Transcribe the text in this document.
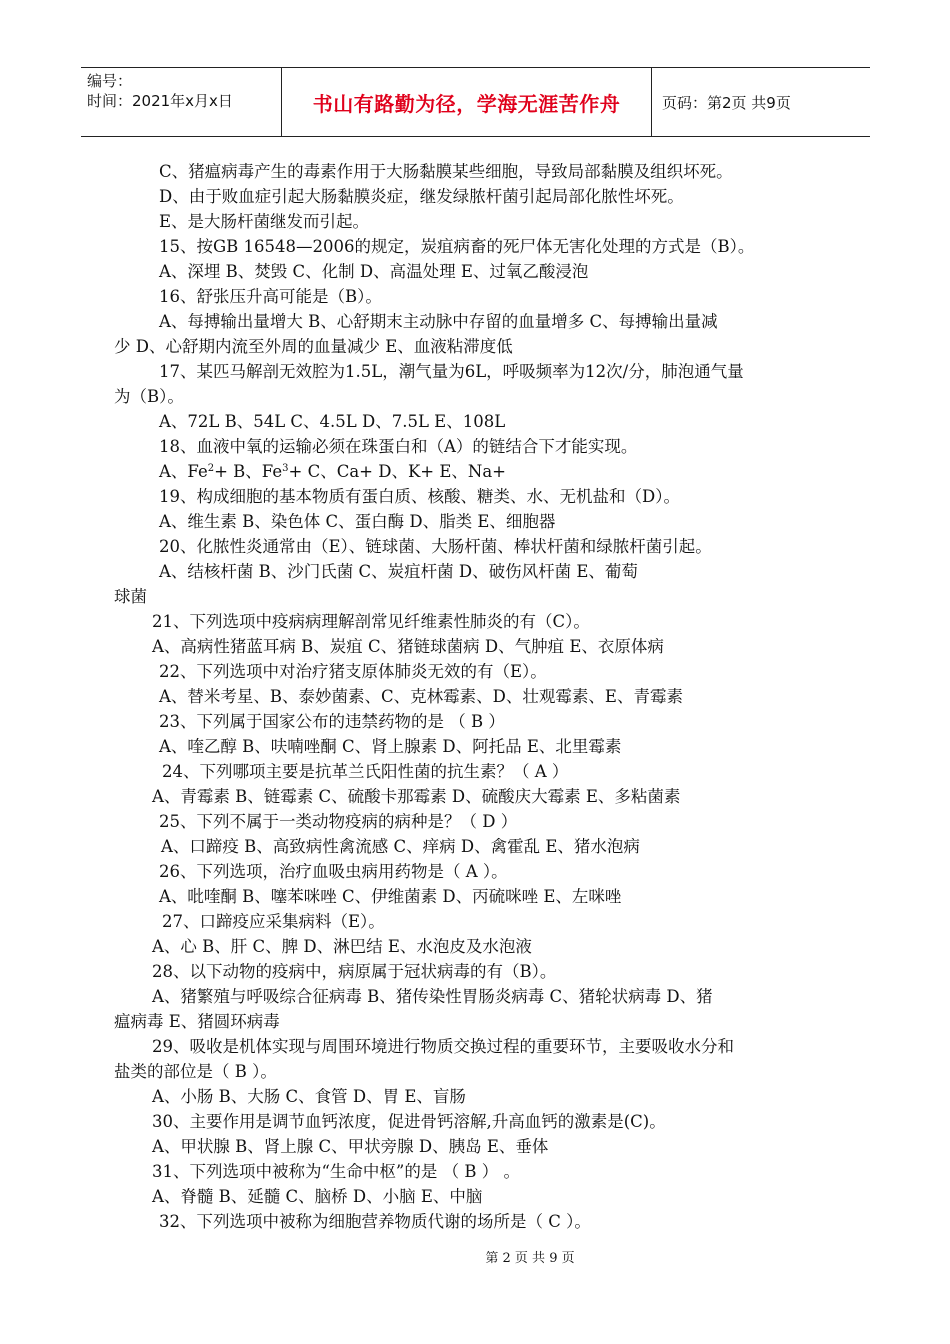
编号：
时间：2021年x月x日	书山有路勤为径，学海无涯苦作舟	页码：第2页 共9页
C、猪瘟病毒产生的毒素作用于大肠黏膜某些细胞，导致局部黏膜及组织坏死。
D、由于败血症引起大肠黏膜炎症，继发绿脓杆菌引起局部化脓性坏死。
E、是大肠杆菌继发而引起。
15、按GB 16548—2006的规定，炭疽病畜的死尸体无害化处理的方式是（B）。
A、深埋 B、焚毁 C、化制 D、高温处理 E、过氧乙酸浸泡
16、舒张压升高可能是（B）。
A、每搏输出量增大 B、心舒期末主动脉中存留的血量增多 C、每搏输出量减
少 D、心舒期内流至外周的血量减少 E、血液粘滞度低
17、某匹马解剖无效腔为1.5L，潮气量为6L，呼吸频率为12次/分，肺泡通气量
为（B）。
A、72L B、54L C、4.5L D、7.5L E、108L
18、血液中氧的运输必须在珠蛋白和（A）的链结合下才能实现。
A、$Fe^2+ B$、$Fe^3+ C$、Ca+ D、K+ E、Na+
19、构成细胞的基本物质有蛋白质、核酸、糖类、水、无机盐和（D）。
A、维生素 B、染色体 C、蛋白酶 D、脂类 E、细胞器
20、化脓性炎通常由（E）、链球菌、大肠杆菌、棒状杆菌和绿脓杆菌引起。
A、结核杆菌 B、沙门氏菌 C、炭疽杆菌 D、破伤风杆菌 E、葡萄
球菌
21、下列选项中疫病病理解剖常见纤维素性肺炎的有（C）。
A、高病性猪蓝耳病 B、炭疽 C、猪链球菌病 D、气肿疽 E、衣原体病
22、下列选项中对治疗猪支原体肺炎无效的有（E）。
A、替米考星、B、泰妙菌素、C、克林霉素、D、壮观霉素、E、青霉素
23、下列属于国家公布的违禁药物的是 （ B ）
A、喹乙醇 B、呋喃唑酮 C、肾上腺素 D、阿托品 E、北里霉素
24、下列哪项主要是抗革兰氏阳性菌的抗生素？（ A ）
A、青霉素 B、链霉素 C、硫酸卡那霉素 D、硫酸庆大霉素 E、多粘菌素
25、下列不属于一类动物疫病的病种是？（ D ）
A、口蹄疫 B、高致病性禽流感 C、痒病 D、禽霍乱 E、猪水泡病
26、下列选项，治疗血吸虫病用药物是（ A ）。
A、吡喹酮 B、噻苯咪唑 C、伊维菌素 D、丙硫咪唑 E、左咪唑
27、口蹄疫应采集病料（E）。
A、心 B、肝 C、脾 D、淋巴结 E、水泡皮及水泡液
28、以下动物的疫病中，病原属于冠状病毒的有（B）。
A、猪繁殖与呼吸综合征病毒 B、猪传染性胃肠炎病毒 C、猪轮状病毒 D、猪
瘟病毒 E、猪圆环病毒
29、吸收是机体实现与周围环境进行物质交换过程的重要环节，主要吸收水分和
盐类的部位是（ B ）。
A、小肠 B、大肠 C、食管 D、胃 E、盲肠
30、主要作用是调节血钙浓度，促进骨钙溶解,升高血钙的激素是(C)。
A、甲状腺 B、肾上腺 C、甲状旁腺 D、胰岛 E、垂体
31、下列选项中被称为“生命中枢”的是 （ B ） 。
A、脊髓 B、延髓 C、脑桥 D、小脑 E、中脑
32、下列选项中被称为细胞营养物质代谢的场所是（ C ）。
第 2 页 共 9 页
